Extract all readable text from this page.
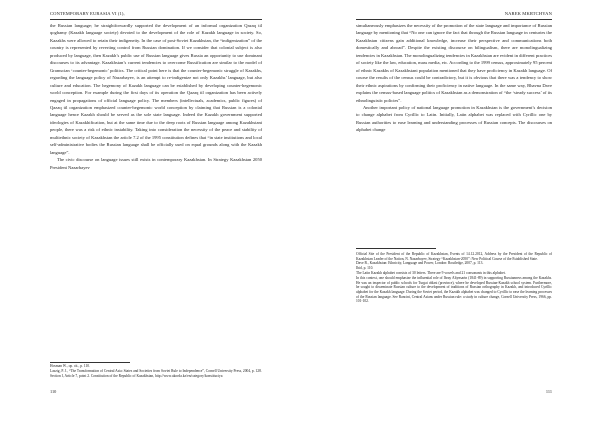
CONTEMPORARY EURASIA VI (1),

the Russian language; he straightforwardly supported the development of an informal organization Qazaq til qoghamy (Kazakh language society) devoted to the development of the role of Kazakh language in society. So, Kazakhs were allowed to retain their indigeneity. In the case of post-Soviet Kazakhstan, the “indigenization” of the country is represented by reverting control from Russian domination. If we consider that colonial subject is also produced by language, then Kazakh’s public use of Russian language gives Russia an opportunity to use dominant discourses to its advantage. Kazakhstan’s current tendencies to overcome Russification are similar to the model of Gramscian ‘counter-hegemonic’ politics. The critical point here is that the counter-hegemonic struggle of Kazakhs, regarding the language policy of Nazarbayev, is an attempt to re-indigenize not only Kazakhs’ language, but also culture and education. The hegemony of Kazakh language can be established by developing counter-hegemonic world conception. For example during the first days of its operation the Qazaq til organization has been actively engaged in propagations of official language policy. The members (intellectuals, academics, public figures) of Qazaq til organization emphasized counter-hegemonic world conception by claiming that Russian is a colonial language hence Kazakh should be served as the sole state language. Indeed the Kazakh government supported ideologies of Kazakhification, but at the same time due to the deep roots of Russian language among Kazakhstani people, there was a risk of ethnic instability. Taking into consideration the necessity of the peace and stability of multiethnic society of Kazakhstan the article 7.2 of the 1995 constitution defines that “in state institutions and local self-administrative bodies the Russian language shall be officially used on equal grounds along with the Kazakh language”.

The civic discourse on language issues still exists in contemporary Kazakhstan. In Strategy Kazakhstan 2050 President Nazarbayev

Hosman W., op. cit., p. 110.

Laszig, P. J., “The Transformation of Central Asia: States and Societies from Soviet Rule to Independence”, Cornell University Press, 2004, p. 128.

Section I, Article 7, point 2. Constitution of the Republic of Kazakhstan, http://www.akorda.kz/en/category/konstituciya

110
NAREK MKRTCHYAN

simultaneously emphasizes the necessity of the promotion of the state language and importance of Russian language by mentioning that “No one can ignore the fact that through the Russian language in centuries the Kazakhstan citizens gain additional knowledge, increase their perspective and communications both domestically and abroad”. Despite the existing discourse on bilingualism, there are monolingualizing tendencies in Kazakhstan. The monolingualizing tendencies in Kazakhstan are evident in different practices of society like the law, education, mass media, etc. According to the 1999 census, approximately 95 percent of ethnic Kazakhs of Kazakhstani population mentioned that they have proficiency in Kazakh language. Of course the results of the census could be contradictory, but it is obvious that there was a tendency to show their ethnic aspirations by confirming their proficiency in native language. In the same way, Bhavna Dave explains the census-based language politics of Kazakhstan as a demonstration of “the ‘steady success’ of its ethnolinguistic policies”.

Another important policy of national language promotion in Kazakhstan is the government’s decision to change alphabet from Cyrillic to Latin. Initially, Latin alphabet was replaced with Cyrillic one by Russian authorities to ease learning and understanding processes of Russian concepts. The discourses on alphabet change

Official Site of the President of the Republic of Kazakhstan, Events of 14.12.2012, Address by the President of the Republic of Kazakhstan Leader of the Nation, N. Nazarbayev, Strategy “Kazakhstan-2050”: New Political Course of the Established State.

Dave B., Kazakhstan: Ethnicity, Language and Power, London: Routledge, 2007, p. 113.

Ibid, p. 110.

The Latin Kazakh alphabet consists of 30 letters. There are 9 vowels and 21 consonants in this alphabet.

In this context, one should emphasize the influential role of Ibray Altynsarin (1841-89) in supporting Russianness among the Kazakhs. He was an inspector of public schools for Turgai oblast (province), where he developed Russian-Kazakh school system. Furthermore, he sought to disseminate Russian culture to the development of traditions of Russian orthography in Kazakh, and introduced Cyrillic alphabet for the Kazakh language. During the Soviet period, the Kazakh alphabet was changed to Cyrillic to ease the learning processes of the Russian language. See Rancini, Central Asians under Russian rule: a study in culture change, Cornell University Press, 1966, pp. 101-102.

111
